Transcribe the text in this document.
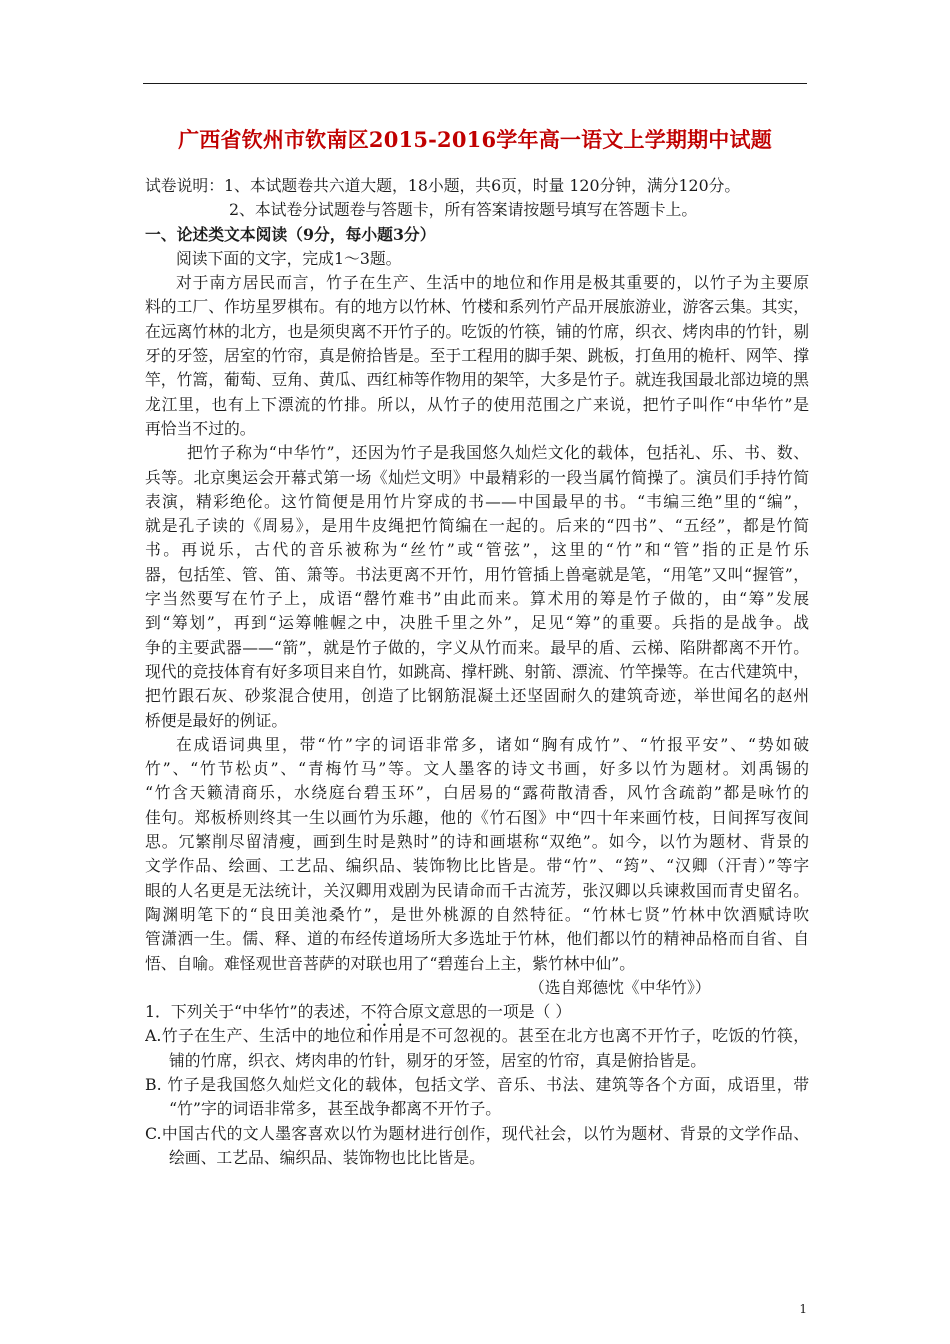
广西省钦州市钦南区2015-2016学年高一语文上学期期中试题
试卷说明：1、本试题卷共六道大题，18小题，共6页，时量 120分钟，满分120分。
2、本试卷分试题卷与答题卡，所有答案请按题号填写在答题卡上。
一、论述类文本阅读（9分，每小题3分）
阅读下面的文字，完成1～3题。
对于南方居民而言，竹子在生产、生活中的地位和作用是极其重要的，以竹子为主要原
料的工厂、作坊星罗棋布。有的地方以竹林、竹楼和系列竹产品开展旅游业，游客云集。其实，
在远离竹林的北方，也是须臾离不开竹子的。吃饭的竹筷，铺的竹席，织衣、烤肉串的竹针，剔
牙的牙签，居室的竹帘，真是俯拾皆是。至于工程用的脚手架、跳板，打鱼用的桅杆、网竿、撑
竿，竹篙，葡萄、豆角、黄瓜、西红柿等作物用的架竿，大多是竹子。就连我国最北部边境的黑
龙江里，也有上下漂流的竹排。所以，从竹子的使用范围之广来说，把竹子叫作“中华竹”是
再恰当不过的。
把竹子称为“中华竹”，还因为竹子是我国悠久灿烂文化的载体，包括礼、乐、书、数、
兵等。北京奥运会开幕式第一场《灿烂文明》中最精彩的一段当属竹简操了。演员们手持竹简
表演，精彩绝伦。这竹简便是用竹片穿成的书——中国最早的书。“韦编三绝”里的“编”，
就是孔子读的《周易》，是用牛皮绳把竹简编在一起的。后来的“四书”、“五经”，都是竹简
书。再说乐，古代的音乐被称为“丝竹”或“管弦”，这里的“竹”和“管”指的正是竹乐
器，包括笙、管、笛、箫等。书法更离不开竹，用竹管插上兽毫就是笔，“用笔”又叫“握管”，
字当然要写在竹子上，成语“罄竹难书”由此而来。算术用的筹是竹子做的，由“筹”发展
到“筹划”，再到“运筹帷幄之中，决胜千里之外”，足见“筹”的重要。兵指的是战争。战
争的主要武器——“箭”，就是竹子做的，字义从竹而来。最早的盾、云梯、陷阱都离不开竹。
现代的竞技体育有好多项目来自竹，如跳高、撑杆跳、射箭、漂流、竹竿操等。在古代建筑中，
把竹跟石灰、砂浆混合使用，创造了比钢筋混凝土还坚固耐久的建筑奇迹，举世闻名的赵州
桥便是最好的例证。
在成语词典里，带“竹”字的词语非常多，诸如“胸有成竹”、“竹报平安”、“势如破
竹”、“竹节松贞”、“青梅竹马”等。文人墨客的诗文书画，好多以竹为题材。刘禹锡的
“竹含天籁清商乐，水绕庭台碧玉环”，白居易的“露荷散清香，风竹含疏韵”都是咏竹的
佳句。郑板桥则终其一生以画竹为乐趣，他的《竹石图》中“四十年来画竹枝，日间挥写夜间
思。冗繁削尽留清瘦，画到生时是熟时”的诗和画堪称“双绝”。如今，以竹为题材、背景的
文学作品、绘画、工艺品、编织品、装饰物比比皆是。带“竹”、“筠”、“汉卿（汗青）”等字
眼的人名更是无法统计，关汉卿用戏剧为民请命而千古流芳，张汉卿以兵谏救国而青史留名。
陶渊明笔下的“良田美池桑竹”，是世外桃源的自然特征。“竹林七贤”竹林中饮酒赋诗吹
管潇洒一生。儒、释、道的布经传道场所大多选址于竹林，他们都以竹的精神品格而自省、自
悟、自喻。难怪观世音菩萨的对联也用了“碧莲台上主，紫竹林中仙”。
（选自郑德忱《中华竹》）
1．下列关于“中华竹”的表述，不符合原文意思的一项是（ ）
A.竹子在生产、生活中的地位和作用是不可忽视的。甚至在北方也离不开竹子，吃饭的竹筷，
铺的竹席，织衣、烤肉串的竹针，剔牙的牙签，居室的竹帘，真是俯拾皆是。
B. 竹子是我国悠久灿烂文化的载体，包括文学、音乐、书法、建筑等各个方面，成语里，带
“竹”字的词语非常多，甚至战争都离不开竹子。
C.中国古代的文人墨客喜欢以竹为题材进行创作，现代社会，以竹为题材、背景的文学作品、
绘画、工艺品、编织品、装饰物也比比皆是。
1
